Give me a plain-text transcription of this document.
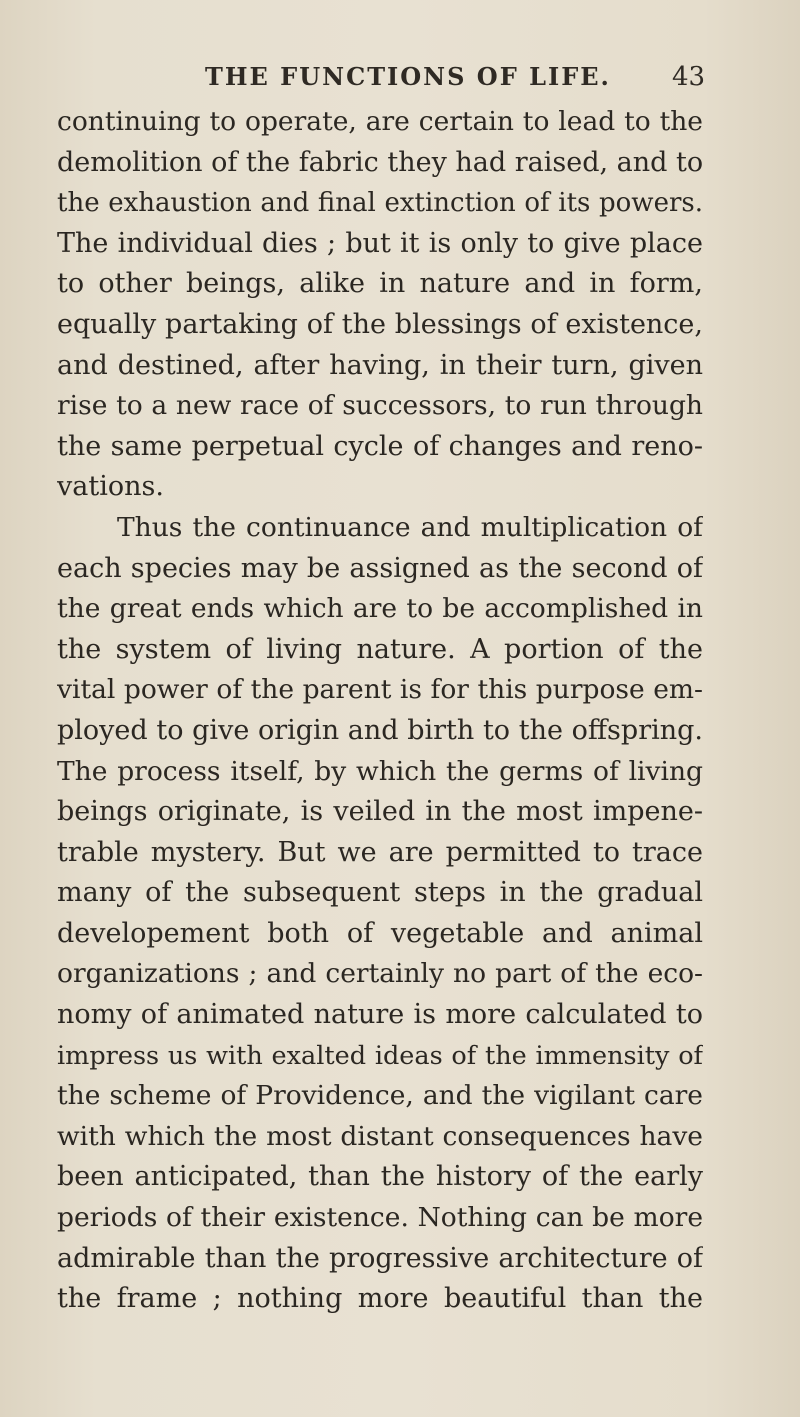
THE FUNCTIONS OF LIFE. 43
continuing to operate, are certain to lead to the
demolition of the fabric they had raised, and to
the exhaustion and final extinction of its powers.
The individual dies ; but it is only to give place
to other beings, alike in nature and in form,
equally partaking of the blessings of existence,
and destined, after having, in their turn, given
rise to a new race of successors, to run through
the same perpetual cycle of changes and reno-
vations.
Thus the continuance and multiplication of
each species may be assigned as the second of
the great ends which are to be accomplished in
the system of living nature. A portion of the
vital power of the parent is for this purpose em-
ployed to give origin and birth to the offspring.
The process itself, by which the germs of living
beings originate, is veiled in the most impene-
trable mystery. But we are permitted to trace
many of the subsequent steps in the gradual
developement both of vegetable and animal
organizations ; and certainly no part of the eco-
nomy of animated nature is more calculated to
impress us with exalted ideas of the immensity of
the scheme of Providence, and the vigilant care
with which the most distant consequences have
been anticipated, than the history of the early
periods of their existence. Nothing can be more
admirable than the progressive architecture of
the frame ; nothing more beautiful than the
